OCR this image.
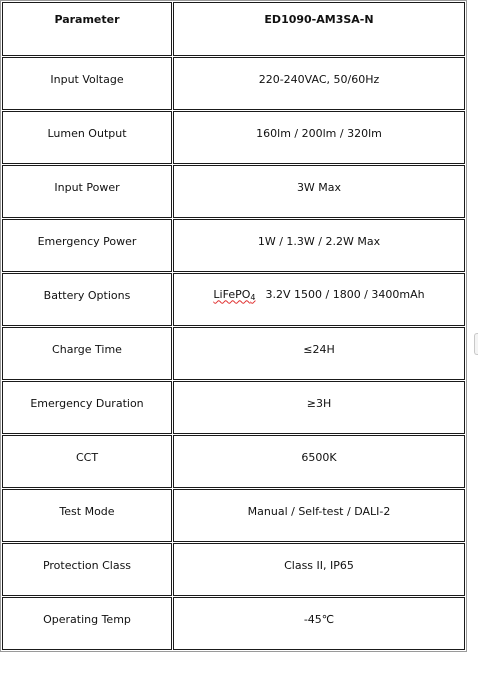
Parameter	ED1090-AM3SA-N
Input Voltage	220-240VAC, 50/60Hz
Lumen Output	160lm / 200lm / 320lm
Input Power	3W Max
Emergency Power	1W / 1.3W / 2.2W Max
Battery Options	LiFePO4 3.2V 1500 / 1800 / 3400mAh
Charge Time	≤24H
Emergency Duration	≥3H
CCT	6500K
Test Mode	Manual / Self-test / DALI-2
Protection Class	Class II, IP65
Operating Temp	-45℃
